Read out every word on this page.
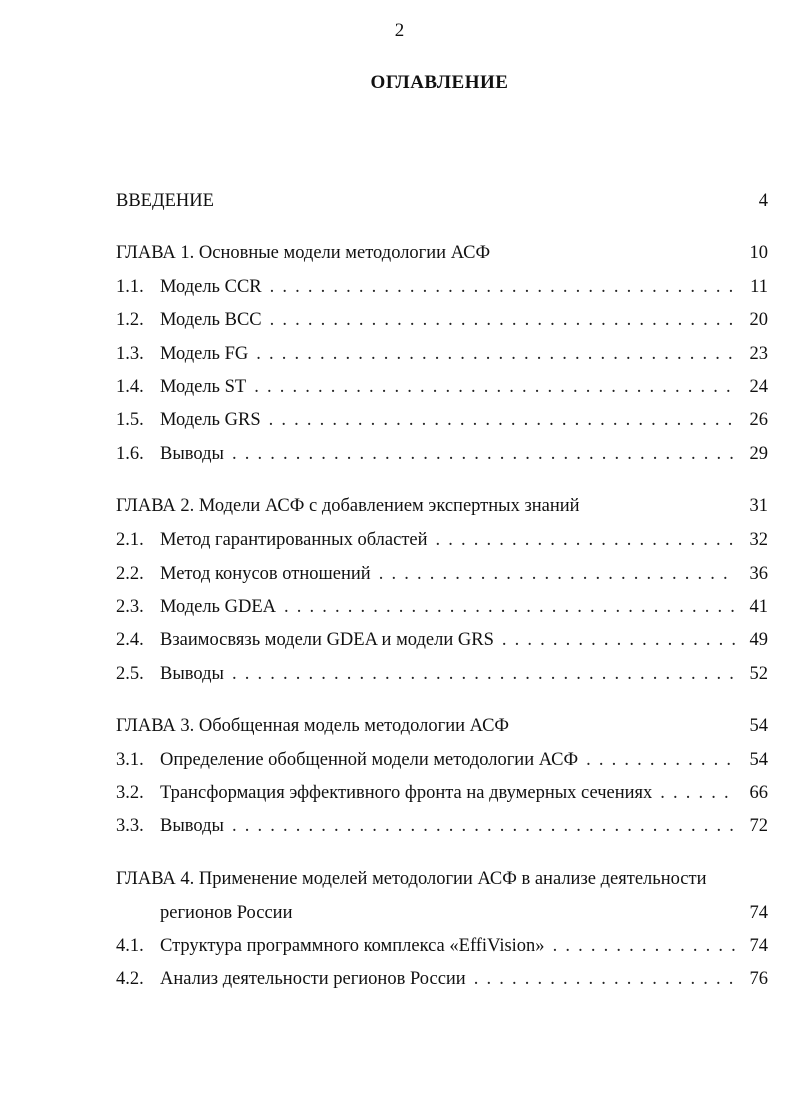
2
ОГЛАВЛЕНИЕ
ВВЕДЕНИЕ	4
ГЛАВА 1. Основные модели методологии АСФ	10
1.1. Модель CCR . . .	11
1.2. Модель BCC . . .	20
1.3. Модель FG . . .	23
1.4. Модель ST . . .	24
1.5. Модель GRS . . .	26
1.6. Выводы . . .	29
ГЛАВА 2. Модели АСФ с добавлением экспертных знаний	31
2.1. Метод гарантированных областей . . .	32
2.2. Метод конусов отношений . . .	36
2.3. Модель GDEA . . .	41
2.4. Взаимосвязь модели GDEA и модели GRS . . .	49
2.5. Выводы . . .	52
ГЛАВА 3. Обобщенная модель методологии АСФ	54
3.1. Определение обобщенной модели методологии АСФ . . .	54
3.2. Трансформация эффективного фронта на двумерных сечениях . . .	66
3.3. Выводы . . .	72
ГЛАВА 4. Применение моделей методологии АСФ в анализе деятельности
регионов России	74
4.1. Структура программного комплекса «EffiVision» . . .	74
4.2. Анализ деятельности регионов России . . .	76
